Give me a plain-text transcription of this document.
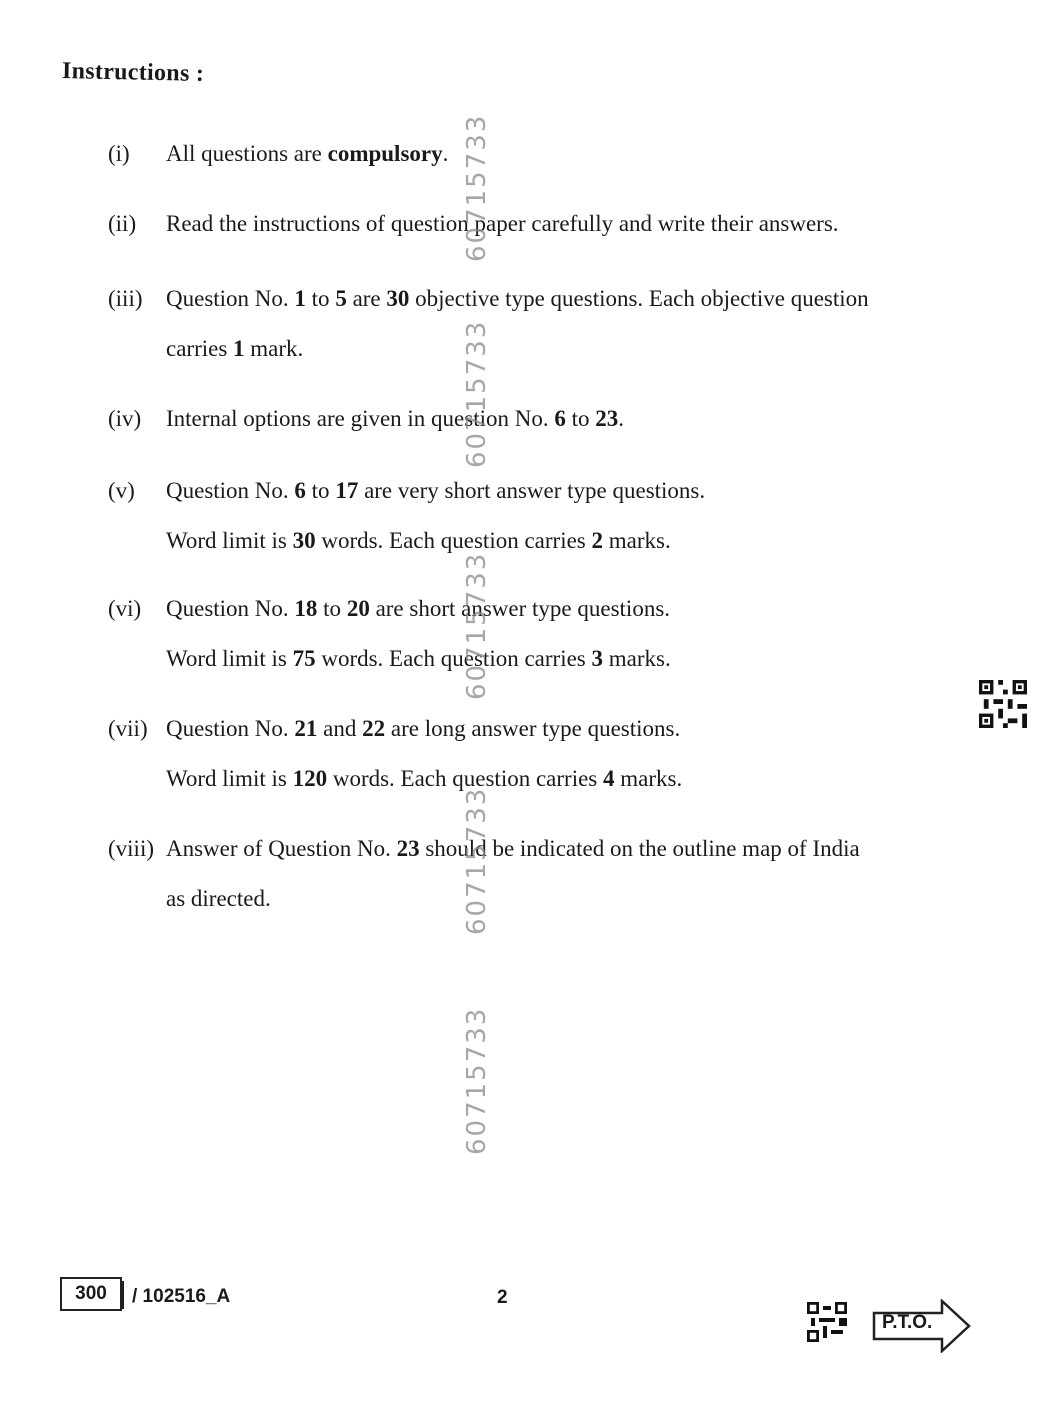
Instructions :
(i)	All questions are compulsory.
(ii)	Read the instructions of question paper carefully and write their answers.
(iii)	Question No. 1 to 5 are 30 objective type questions. Each objective question
carries 1 mark.
(iv)	Internal options are given in question No. 6 to 23.
(v)	Question No. 6 to 17 are very short answer type questions.
Word limit is 30 words. Each question carries 2 marks.
(vi)	Question No. 18 to 20 are short answer type questions.
Word limit is 75 words. Each question carries 3 marks.
(vii) Question No. 21 and 22 are long answer type questions.
Word limit is 120 words. Each question carries 4 marks.
(viii) Answer of Question No. 23 should be indicated on the outline map of India
as directed.
60715733
60715733
60715733
60715733
60715733
300	/ 102516_A	2
P.T.O.
